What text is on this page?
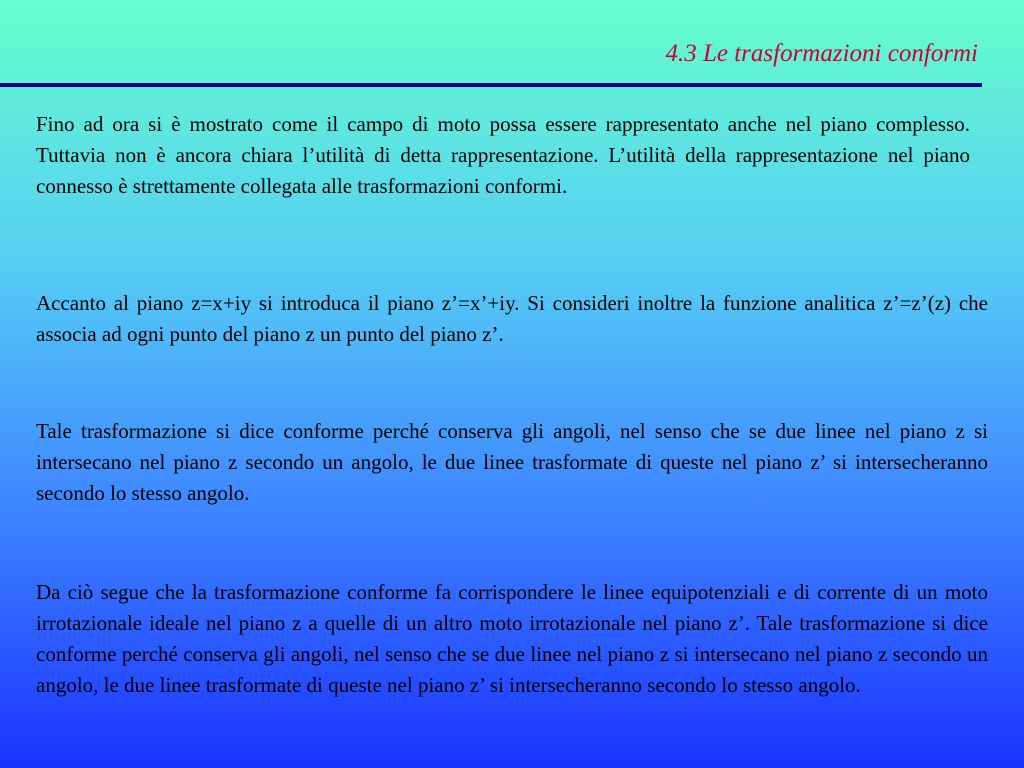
4.3 Le trasformazioni conformi

Fino ad ora si è mostrato come il campo di moto possa essere rappresentato anche nel piano complesso. Tuttavia non è ancora chiara l’utilità di detta rappresentazione. L’utilità della rappresentazione nel piano connesso è strettamente collegata alle trasformazioni conformi.

Accanto al piano z=x+iy si introduca il piano z’=x’+iy. Si consideri inoltre la funzione analitica z’=z’(z) che associa ad ogni punto del piano z un punto del piano z’.

Tale trasformazione si dice conforme perché conserva gli angoli, nel senso che se due linee nel piano z si intersecano nel piano z secondo un angolo, le due linee trasformate di queste nel piano z’ si intersecheranno secondo lo stesso angolo.

Da ciò segue che la trasformazione conforme fa corrispondere le linee equipotenziali e di corrente di un moto irrotazionale ideale nel piano z a quelle di un altro moto irrotazionale nel piano z’. Tale trasformazione si dice conforme perché conserva gli angoli, nel senso che se due linee nel piano z si intersecano nel piano z secondo un angolo, le due linee trasformate di queste nel piano z’ si intersecheranno secondo lo stesso angolo.
